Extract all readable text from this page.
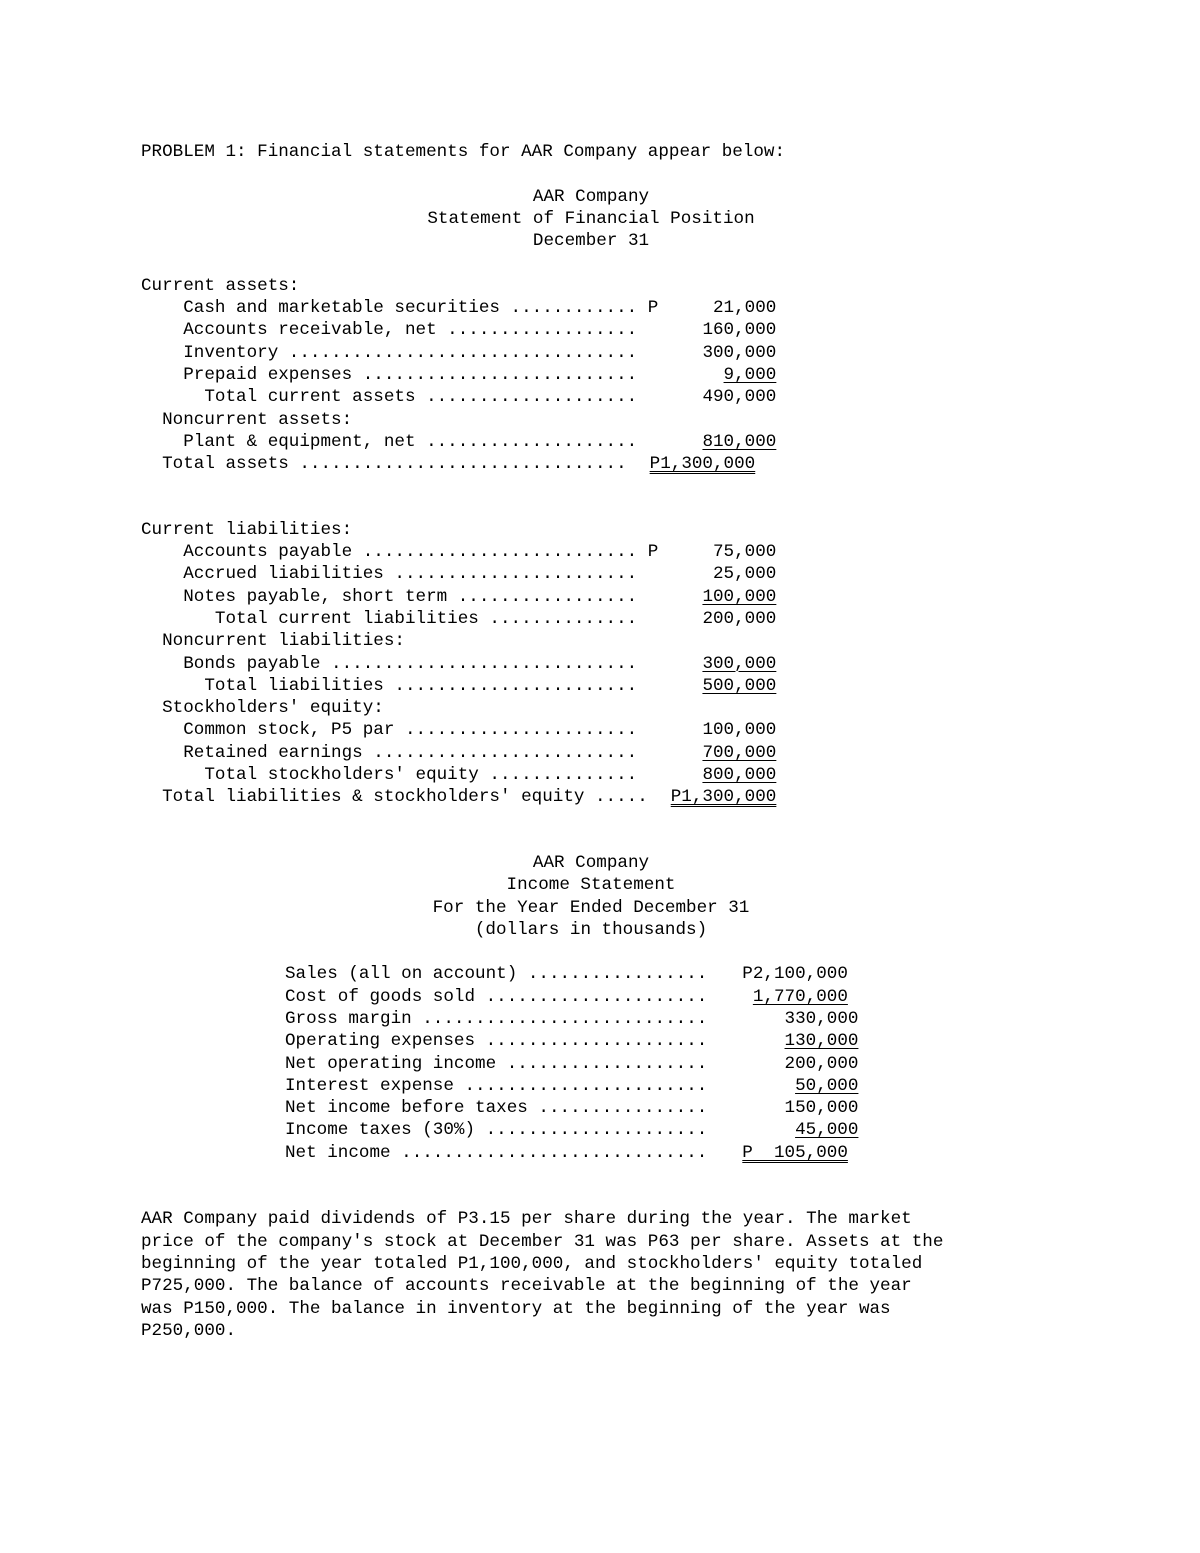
PROBLEM 1: Financial statements for AAR Company appear below:
AAR Company
Statement of Financial Position
December 31
Current assets:
Cash and marketable securities ............ P	21,000
Accounts receivable, net ..................	160,000
Inventory .................................	300,000
Prepaid expenses ..........................	9,000
Total current assets ....................	490,000
Noncurrent assets:
Plant & equipment, net ....................	810,000
Total assets ............................... P1,300,000
Current liabilities:
Accounts payable .......................... P	75,000
Accrued liabilities .......................	25,000
Notes payable, short term .................	100,000
Total current liabilities ..............	200,000
Noncurrent liabilities:
Bonds payable .............................	300,000
Total liabilities .......................	500,000
Stockholders' equity:
Common stock, P5 par ......................	100,000
Retained earnings .........................	700,000
Total stockholders' equity ..............	800,000
Total liabilities & stockholders' equity ..... P1,300,000
AAR Company
Income Statement
For the Year Ended December 31
(dollars in thousands)
Sales (all on account) .................	P2,100,000
Cost of goods sold .....................	1,770,000
Gross margin ...........................	330,000
Operating expenses .....................	130,000
Net operating income ...................	200,000
Interest expense .......................	50,000
Net income before taxes ................	150,000
Income taxes (30%) .....................	45,000
Net income .............................	P  105,000
AAR Company paid dividends of P3.15 per share during the year. The market
price of the company's stock at December 31 was P63 per share. Assets at the
beginning of the year totaled P1,100,000, and stockholders' equity totaled
P725,000. The balance of accounts receivable at the beginning of the year
was P150,000. The balance in inventory at the beginning of the year was
P250,000.
